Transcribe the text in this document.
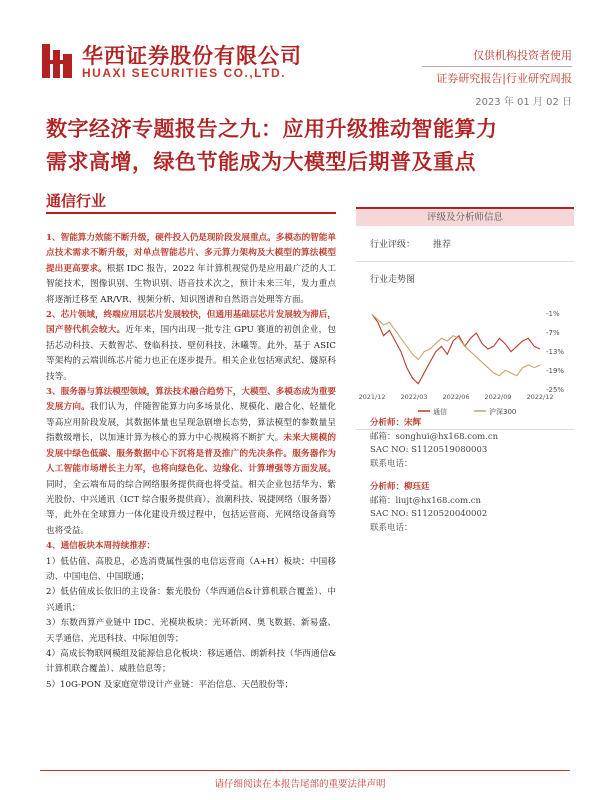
华西证券股份有限公司
HUAXI SECURITIES CO.,LTD.
仅供机构投资者使用
证券研究报告|行业研究周报
2023 年 01 月 02 日
数字经济专题报告之九：应用升级推动智能算力
需求高增，绿色节能成为大模型后期普及重点
通信行业

1、智能算力效能不断升级，硬件投入仍是现阶段发展重点。多模态的智能单点技术需求不断升级，对单点智能芯片、多元算力架构及大模型的算法模型提出更高要求。根据 IDC 报告，2022 年计算机视觉仍是应用最广泛的人工智能技术，图像识别、生物识别、语音技术次之，预计未来三年，发力重点将逐渐迁移至 AR/VR、视频分析、知识图谱和自然语言处理等方面。

2、芯片领域，终端应用层芯片发展较快，但通用基础层芯片发展较为滞后，国产替代机会较大。近年来，国内出现一批专注 GPU 赛道的初创企业，包括芯动科技、天数智芯、登临科技、壁仞科技、沐曦等。此外，基于 ASIC 等架构的云端训练芯片能力也正在逐步提升。相关企业包括寒武纪、燧原科技等。

3、服务器与算法模型领域，算法技术融合趋势下，大模型、多模态成为重要发展方向。我们认为，伴随智能算力向多场景化、规模化、融合化、轻量化等高应用阶段发展，其数据体量也呈现急剧增长态势，算法模型的参数量呈指数级增长，以加速计算为核心的算力中心规模将不断扩大。未来大规模的发展中绿色低碳、服务数据中心下沉将是普及推广的先决条件。服务器作为人工智能市场增长主力军，也将向绿色化、边缘化、计算增强等方面发展。同时，全云端布局的综合网络服务提供商也将受益。相关企业包括华为、紫光股份、中兴通讯（ICT 综合服务提供商）、浪潮科技、锐捷网络（服务器）等，此外在全球算力一体化建设升级过程中，包括运营商、光网络设备商等也将受益。

4、通信板块本周持续推荐：

1）低估值、高股息，必选消费属性强的电信运营商（A+H）板块：中国移动、中国电信、中国联通；

2）低估值成长依旧的主设备：紫光股份（华西通信&计算机联合覆盖）、中兴通讯；

3）东数西算产业链中 IDC、光模块板块：光环新网、奥飞数据、新易盛、天孚通信、光迅科技、中际旭创等；

4）高成长物联网模组及能源信息化板块：移远通信、朗新科技（华西通信&计算机联合覆盖）、威胜信息等；

5）10G-PON 及家庭宽带设计产业链：平治信息、天邑股份等；

评级及分析师信息
行业评级： 推荐
行业走势图
-1%
-7%
-13%
-19%
-25%
2021/12 2022/03 2022/06 2022/09 2022/12
通信	沪深300
分析师：宋辉
邮箱：songhui@hx168.com.cn
SAC NO: S1120519080003
联系电话：
分析师：柳珏廷
邮箱：liujt@hx168.com.cn
SAC NO: S1120520040002
联系电话：
请仔细阅读在本报告尾部的重要法律声明
